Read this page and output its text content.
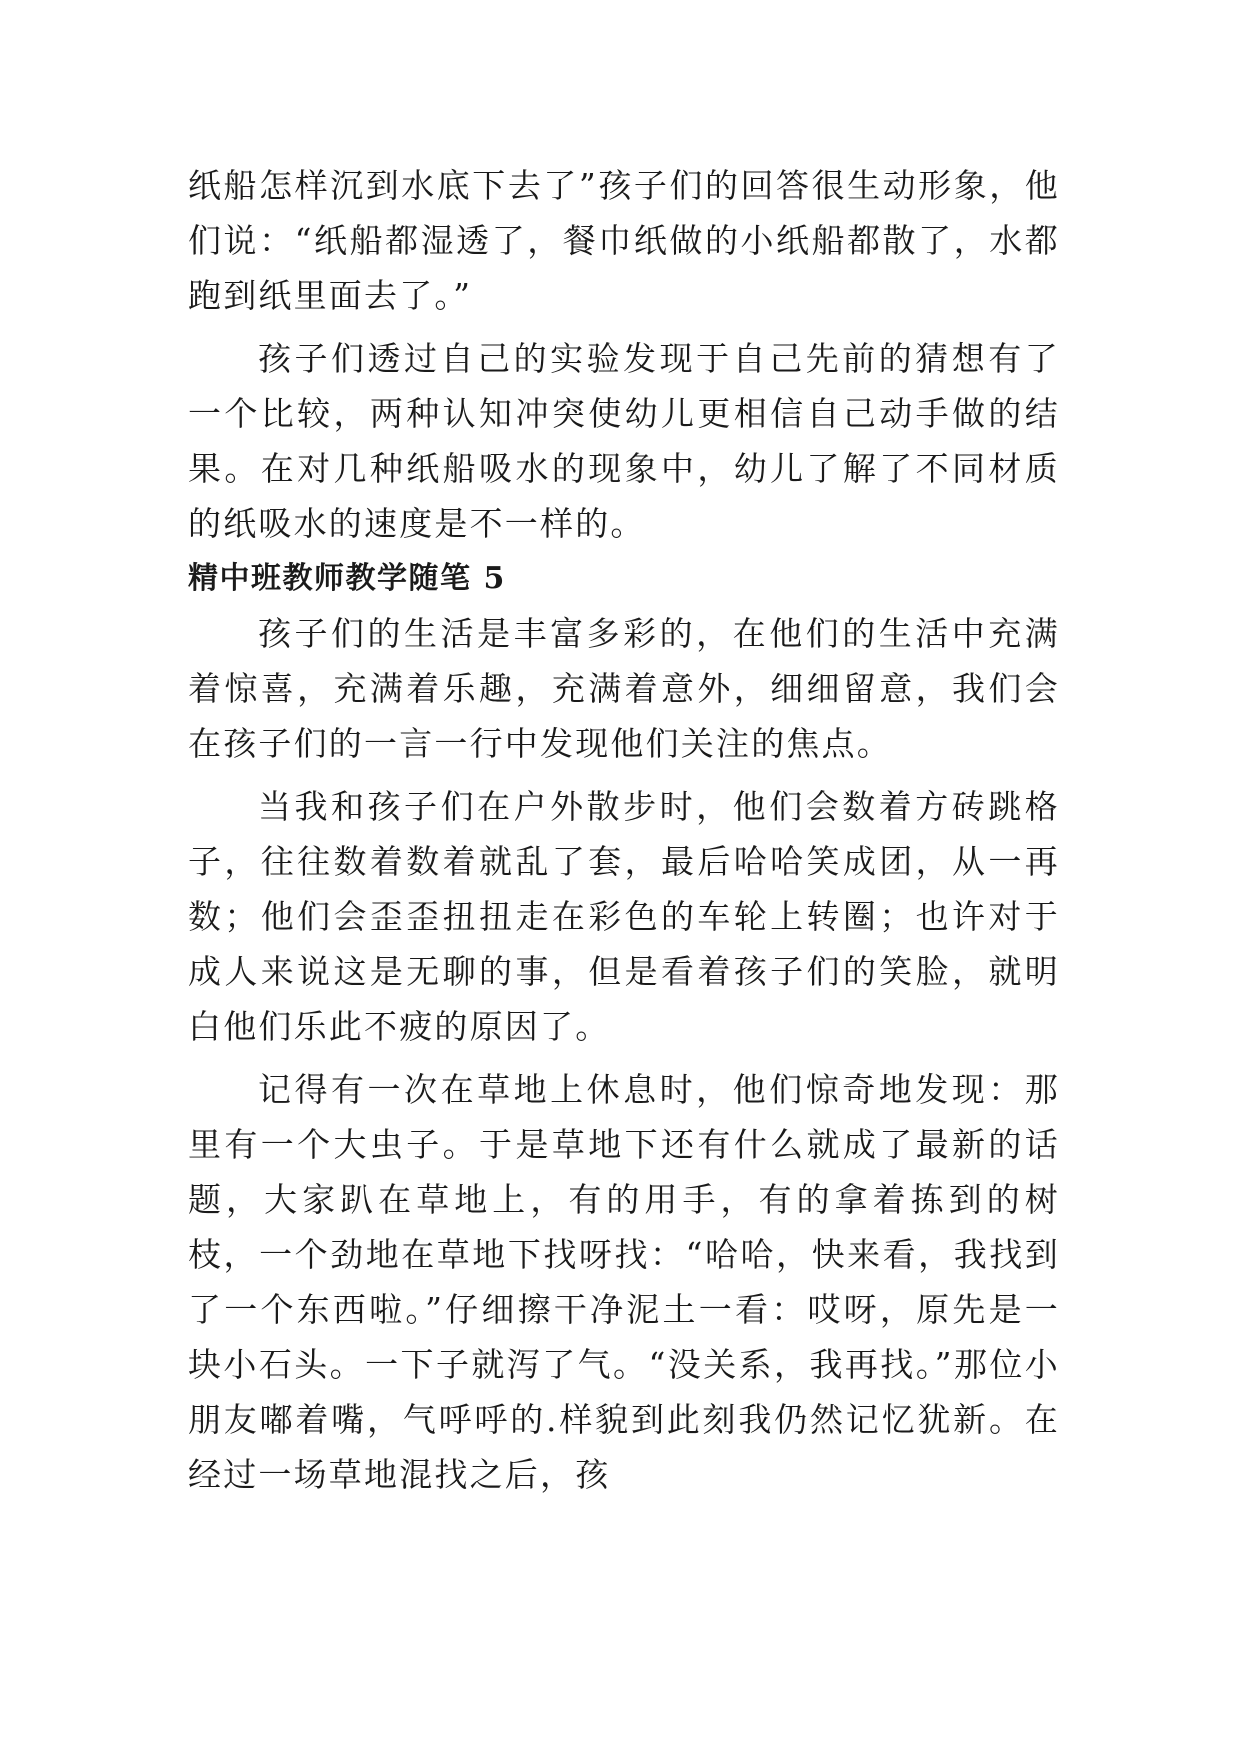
纸船怎样沉到水底下去了”孩子们的回答很生动形象，他们说：“纸船都湿透了，餐巾纸做的小纸船都散了，水都跑到纸里面去了。”

孩子们透过自己的实验发现于自己先前的猜想有了一个比较，两种认知冲突使幼儿更相信自己动手做的结果。在对几种纸船吸水的现象中，幼儿了解了不同材质的纸吸水的速度是不一样的。

精中班教师教学随笔 5

孩子们的生活是丰富多彩的，在他们的生活中充满着惊喜，充满着乐趣，充满着意外，细细留意，我们会在孩子们的一言一行中发现他们关注的焦点。

当我和孩子们在户外散步时，他们会数着方砖跳格子，往往数着数着就乱了套，最后哈哈笑成团，从一再数；他们会歪歪扭扭走在彩色的车轮上转圈；也许对于成人来说这是无聊的事，但是看着孩子们的笑脸，就明白他们乐此不疲的原因了。

记得有一次在草地上休息时，他们惊奇地发现：那里有一个大虫子。于是草地下还有什么就成了最新的话题，大家趴在草地上，有的用手，有的拿着拣到的树枝，一个劲地在草地下找呀找：“哈哈，快来看，我找到了一个东西啦。”仔细擦干净泥土一看：哎呀，原先是一块小石头。一下子就泻了气。“没关系，我再找。”那位小朋友嘟着嘴，气呼呼的.样貌到此刻我仍然记忆犹新。在经过一场草地混找之后，孩
